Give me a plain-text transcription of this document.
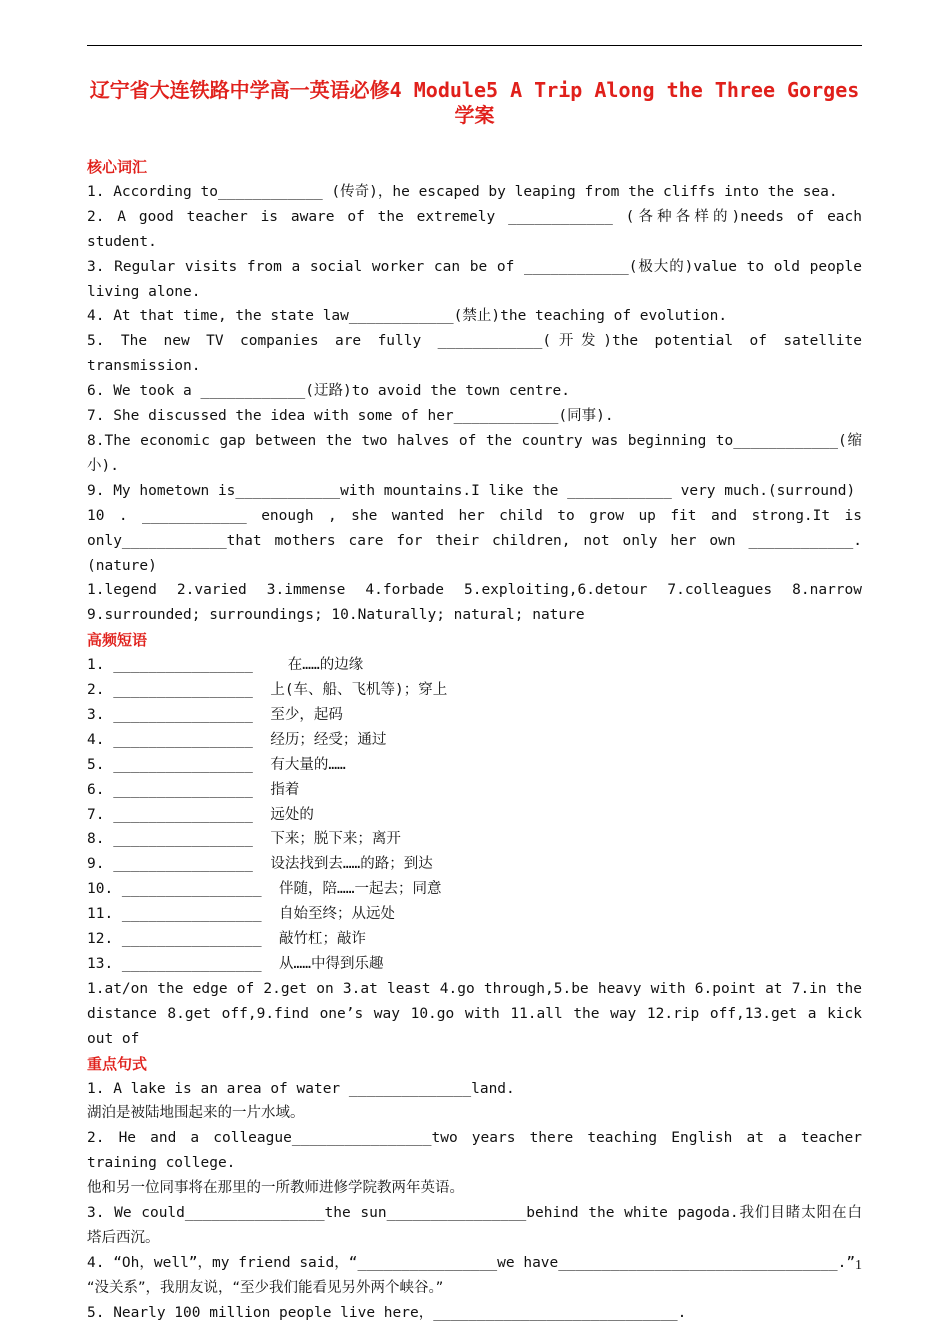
辽宁省大连铁路中学高一英语必修4 Module5 A Trip Along the Three Gorges学案
核心词汇
1. According to____________ (传奇)，he escaped by leaping from the cliffs into the sea.
2. A good teacher is aware of the extremely ____________ (各种各样的)needs of each student.
3. Regular visits from a social worker can be of ____________(极大的)value to old people living alone.
4. At that time, the state law____________(禁止)the teaching of evolution.
5. The new TV companies are fully ____________(开发)the potential of satellite transmission.
6. We took a ____________(迂路)to avoid the town centre.
7. She discussed the idea with some of her____________(同事).
8.The economic gap between the two halves of the country was beginning to____________(缩小).
9. My hometown is____________with mountains.I like the ____________ very much.(surround)
10 . ____________ enough , she wanted her child to grow up fit and strong.It is only____________that mothers care for their children, not only her own ____________.(nature)
1.legend 2.varied 3.immense 4.forbade 5.exploiting,6.detour 7.colleagues 8.narrow 9.surrounded; surroundings; 10.Naturally; natural; nature
高频短语
1. ________________    在……的边缘
2. ________________  上(车、船、飞机等)；穿上
3. ________________  至少，起码
4. ________________  经历；经受；通过
5. ________________  有大量的……
6. ________________  指着
7. ________________  远处的
8. ________________  下来；脱下来；离开
9. ________________  设法找到去……的路；到达
10. ________________  伴随，陪……一起去；同意
11. ________________  自始至终；从远处
12. ________________  敲竹杠；敲诈
13. ________________  从……中得到乐趣
1.at/on the edge of 2.get on 3.at least 4.go through,5.be heavy with 6.point at 7.in the distance 8.get off,9.find one’s way 10.go with 11.all the way 12.rip off,13.get a kick out of
重点句式
1. A lake is an area of water ______________land.
湖泊是被陆地围起来的一片水域。
2. He and a colleague________________two years there teaching English at a teacher training college.
他和另一位同事将在那里的一所教师进修学院教两年英语。
3. We could________________the sun________________behind the white pagoda.我们目睹太阳在白塔后西沉。
4. “Oh，well”，my friend said，“________________we have________________________________.”
“没关系”，我朋友说，“至少我们能看见另外两个峡谷。”
5. Nearly 100 million people live here，____________________________.
1
